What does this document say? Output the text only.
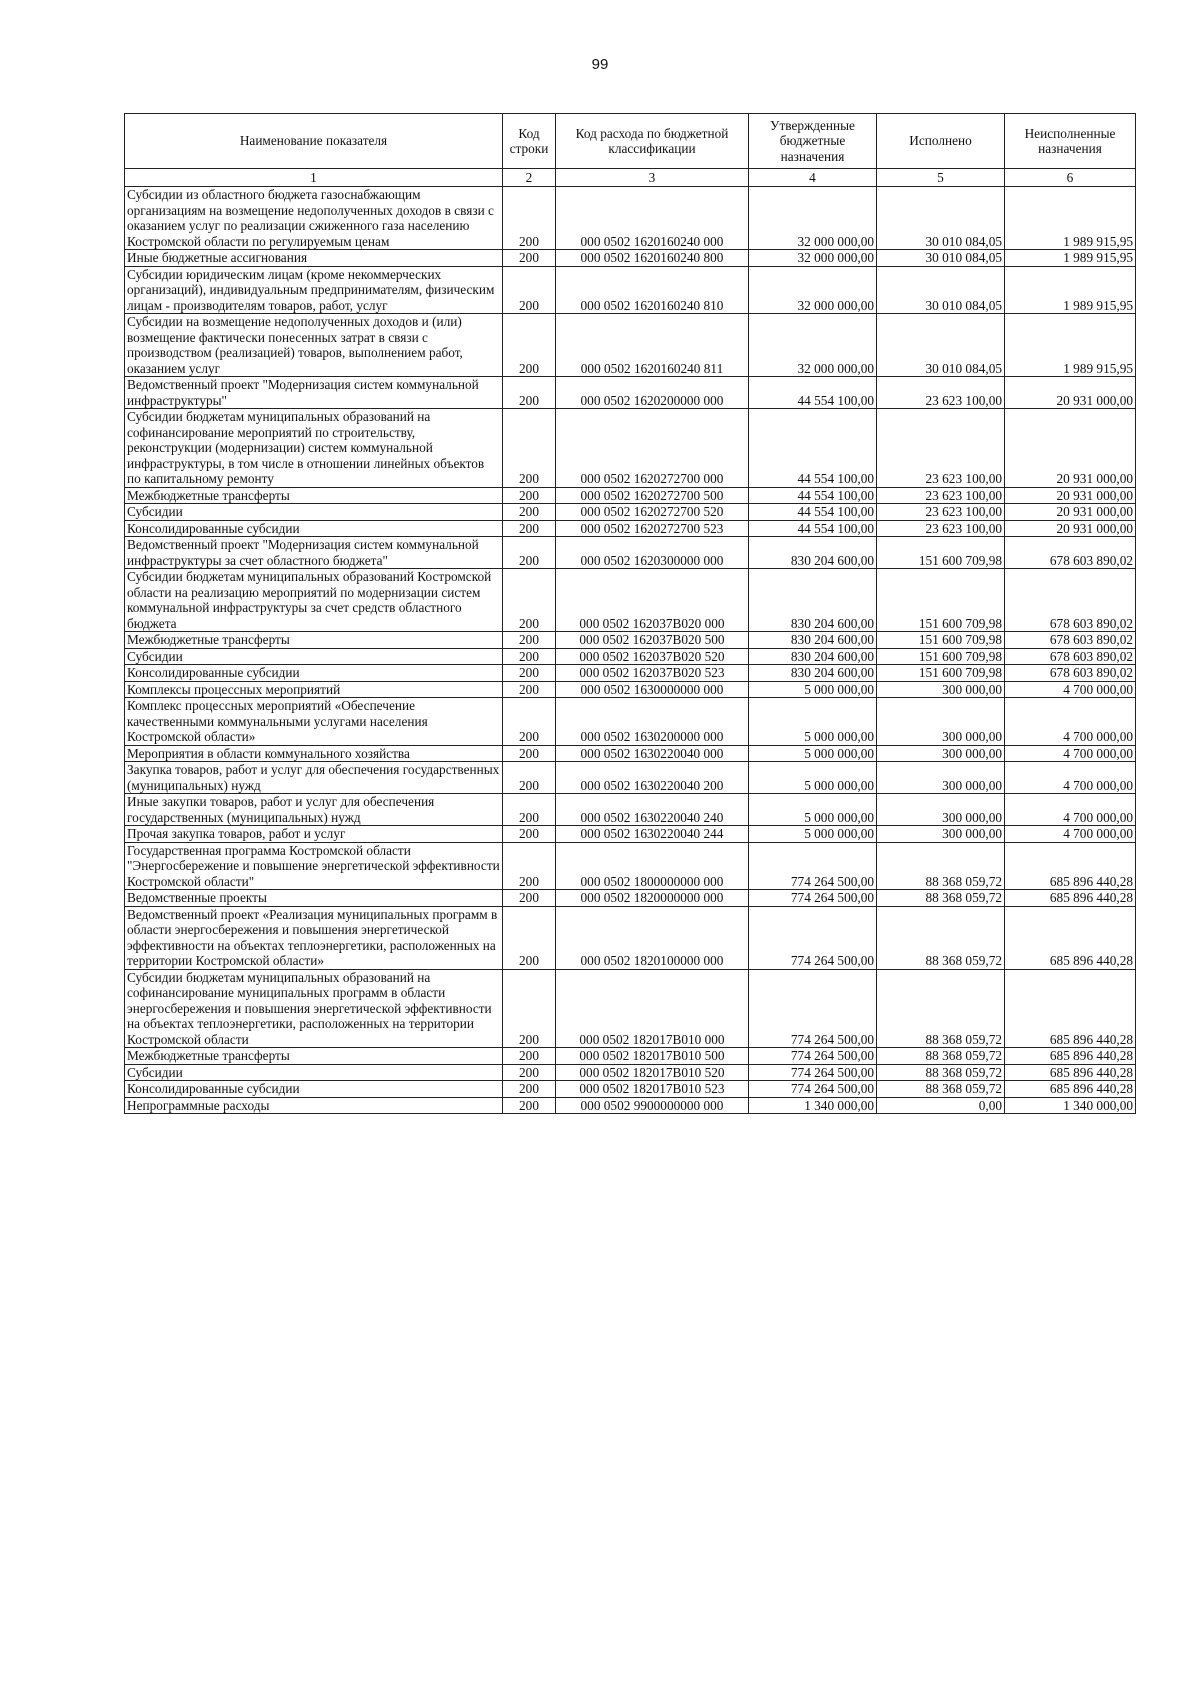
99
Наименование показателя	Код строки	Код расхода по бюджетной классификации	Утвержденные бюджетные назначения	Исполнено	Неисполненные назначения
1	2	3	4	5	6
Субсидии из областного бюджета газоснабжающим организациям на возмещение недополученных доходов в связи с оказанием услуг по реализации сжиженного газа населению Костромской области по регулируемым ценам	200	000 0502 1620160240 000	32 000 000,00	30 010 084,05	1 989 915,95
Иные бюджетные ассигнования	200	000 0502 1620160240 800	32 000 000,00	30 010 084,05	1 989 915,95
Субсидии юридическим лицам (кроме некоммерческих организаций), индивидуальным предпринимателям, физическим лицам - производителям товаров, работ, услуг	200	000 0502 1620160240 810	32 000 000,00	30 010 084,05	1 989 915,95
Субсидии на возмещение недополученных доходов и (или) возмещение фактически понесенных затрат в связи с производством (реализацией) товаров, выполнением работ, оказанием услуг	200	000 0502 1620160240 811	32 000 000,00	30 010 084,05	1 989 915,95
Ведомственный проект "Модернизация систем коммунальной инфраструктуры"	200	000 0502 1620200000 000	44 554 100,00	23 623 100,00	20 931 000,00
Субсидии бюджетам муниципальных образований на софинансирование мероприятий по строительству, реконструкции (модернизации) систем коммунальной инфраструктуры, в том числе в отношении линейных объектов по капитальному ремонту	200	000 0502 1620272700 000	44 554 100,00	23 623 100,00	20 931 000,00
Межбюджетные трансферты	200	000 0502 1620272700 500	44 554 100,00	23 623 100,00	20 931 000,00
Субсидии	200	000 0502 1620272700 520	44 554 100,00	23 623 100,00	20 931 000,00
Консолидированные субсидии	200	000 0502 1620272700 523	44 554 100,00	23 623 100,00	20 931 000,00
Ведомственный проект "Модернизация систем коммунальной инфраструктуры за счет областного бюджета"	200	000 0502 1620300000 000	830 204 600,00	151 600 709,98	678 603 890,02
Субсидии бюджетам муниципальных образований Костромской области на реализацию мероприятий по модернизации систем коммунальной инфраструктуры за счет средств областного бюджета	200	000 0502 162037В020 000	830 204 600,00	151 600 709,98	678 603 890,02
Межбюджетные трансферты	200	000 0502 162037В020 500	830 204 600,00	151 600 709,98	678 603 890,02
Субсидии	200	000 0502 162037В020 520	830 204 600,00	151 600 709,98	678 603 890,02
Консолидированные субсидии	200	000 0502 162037В020 523	830 204 600,00	151 600 709,98	678 603 890,02
Комплексы процессных мероприятий	200	000 0502 1630000000 000	5 000 000,00	300 000,00	4 700 000,00
Комплекс процессных мероприятий «Обеспечение качественными коммунальными услугами населения Костромской области»	200	000 0502 1630200000 000	5 000 000,00	300 000,00	4 700 000,00
Мероприятия в области коммунального хозяйства	200	000 0502 1630220040 000	5 000 000,00	300 000,00	4 700 000,00
Закупка товаров, работ и услуг для обеспечения государственных (муниципальных) нужд	200	000 0502 1630220040 200	5 000 000,00	300 000,00	4 700 000,00
Иные закупки товаров, работ и услуг для обеспечения государственных (муниципальных) нужд	200	000 0502 1630220040 240	5 000 000,00	300 000,00	4 700 000,00
Прочая закупка товаров, работ и услуг	200	000 0502 1630220040 244	5 000 000,00	300 000,00	4 700 000,00
Государственная программа Костромской области "Энергосбережение и повышение энергетической эффективности Костромской области"	200	000 0502 1800000000 000	774 264 500,00	88 368 059,72	685 896 440,28
Ведомственные проекты	200	000 0502 1820000000 000	774 264 500,00	88 368 059,72	685 896 440,28
Ведомственный проект «Реализация муниципальных программ в области энергосбережения и повышения энергетической эффективности на объектах теплоэнергетики, расположенных на территории Костромской области»	200	000 0502 1820100000 000	774 264 500,00	88 368 059,72	685 896 440,28
Субсидии бюджетам муниципальных образований на софинансирование муниципальных программ в области энергосбережения и повышения энергетической эффективности на объектах теплоэнергетики, расположенных на территории Костромской области	200	000 0502 182017В010 000	774 264 500,00	88 368 059,72	685 896 440,28
Межбюджетные трансферты	200	000 0502 182017В010 500	774 264 500,00	88 368 059,72	685 896 440,28
Субсидии	200	000 0502 182017В010 520	774 264 500,00	88 368 059,72	685 896 440,28
Консолидированные субсидии	200	000 0502 182017В010 523	774 264 500,00	88 368 059,72	685 896 440,28
Непрограммные расходы	200	000 0502 9900000000 000	1 340 000,00	0,00	1 340 000,00
